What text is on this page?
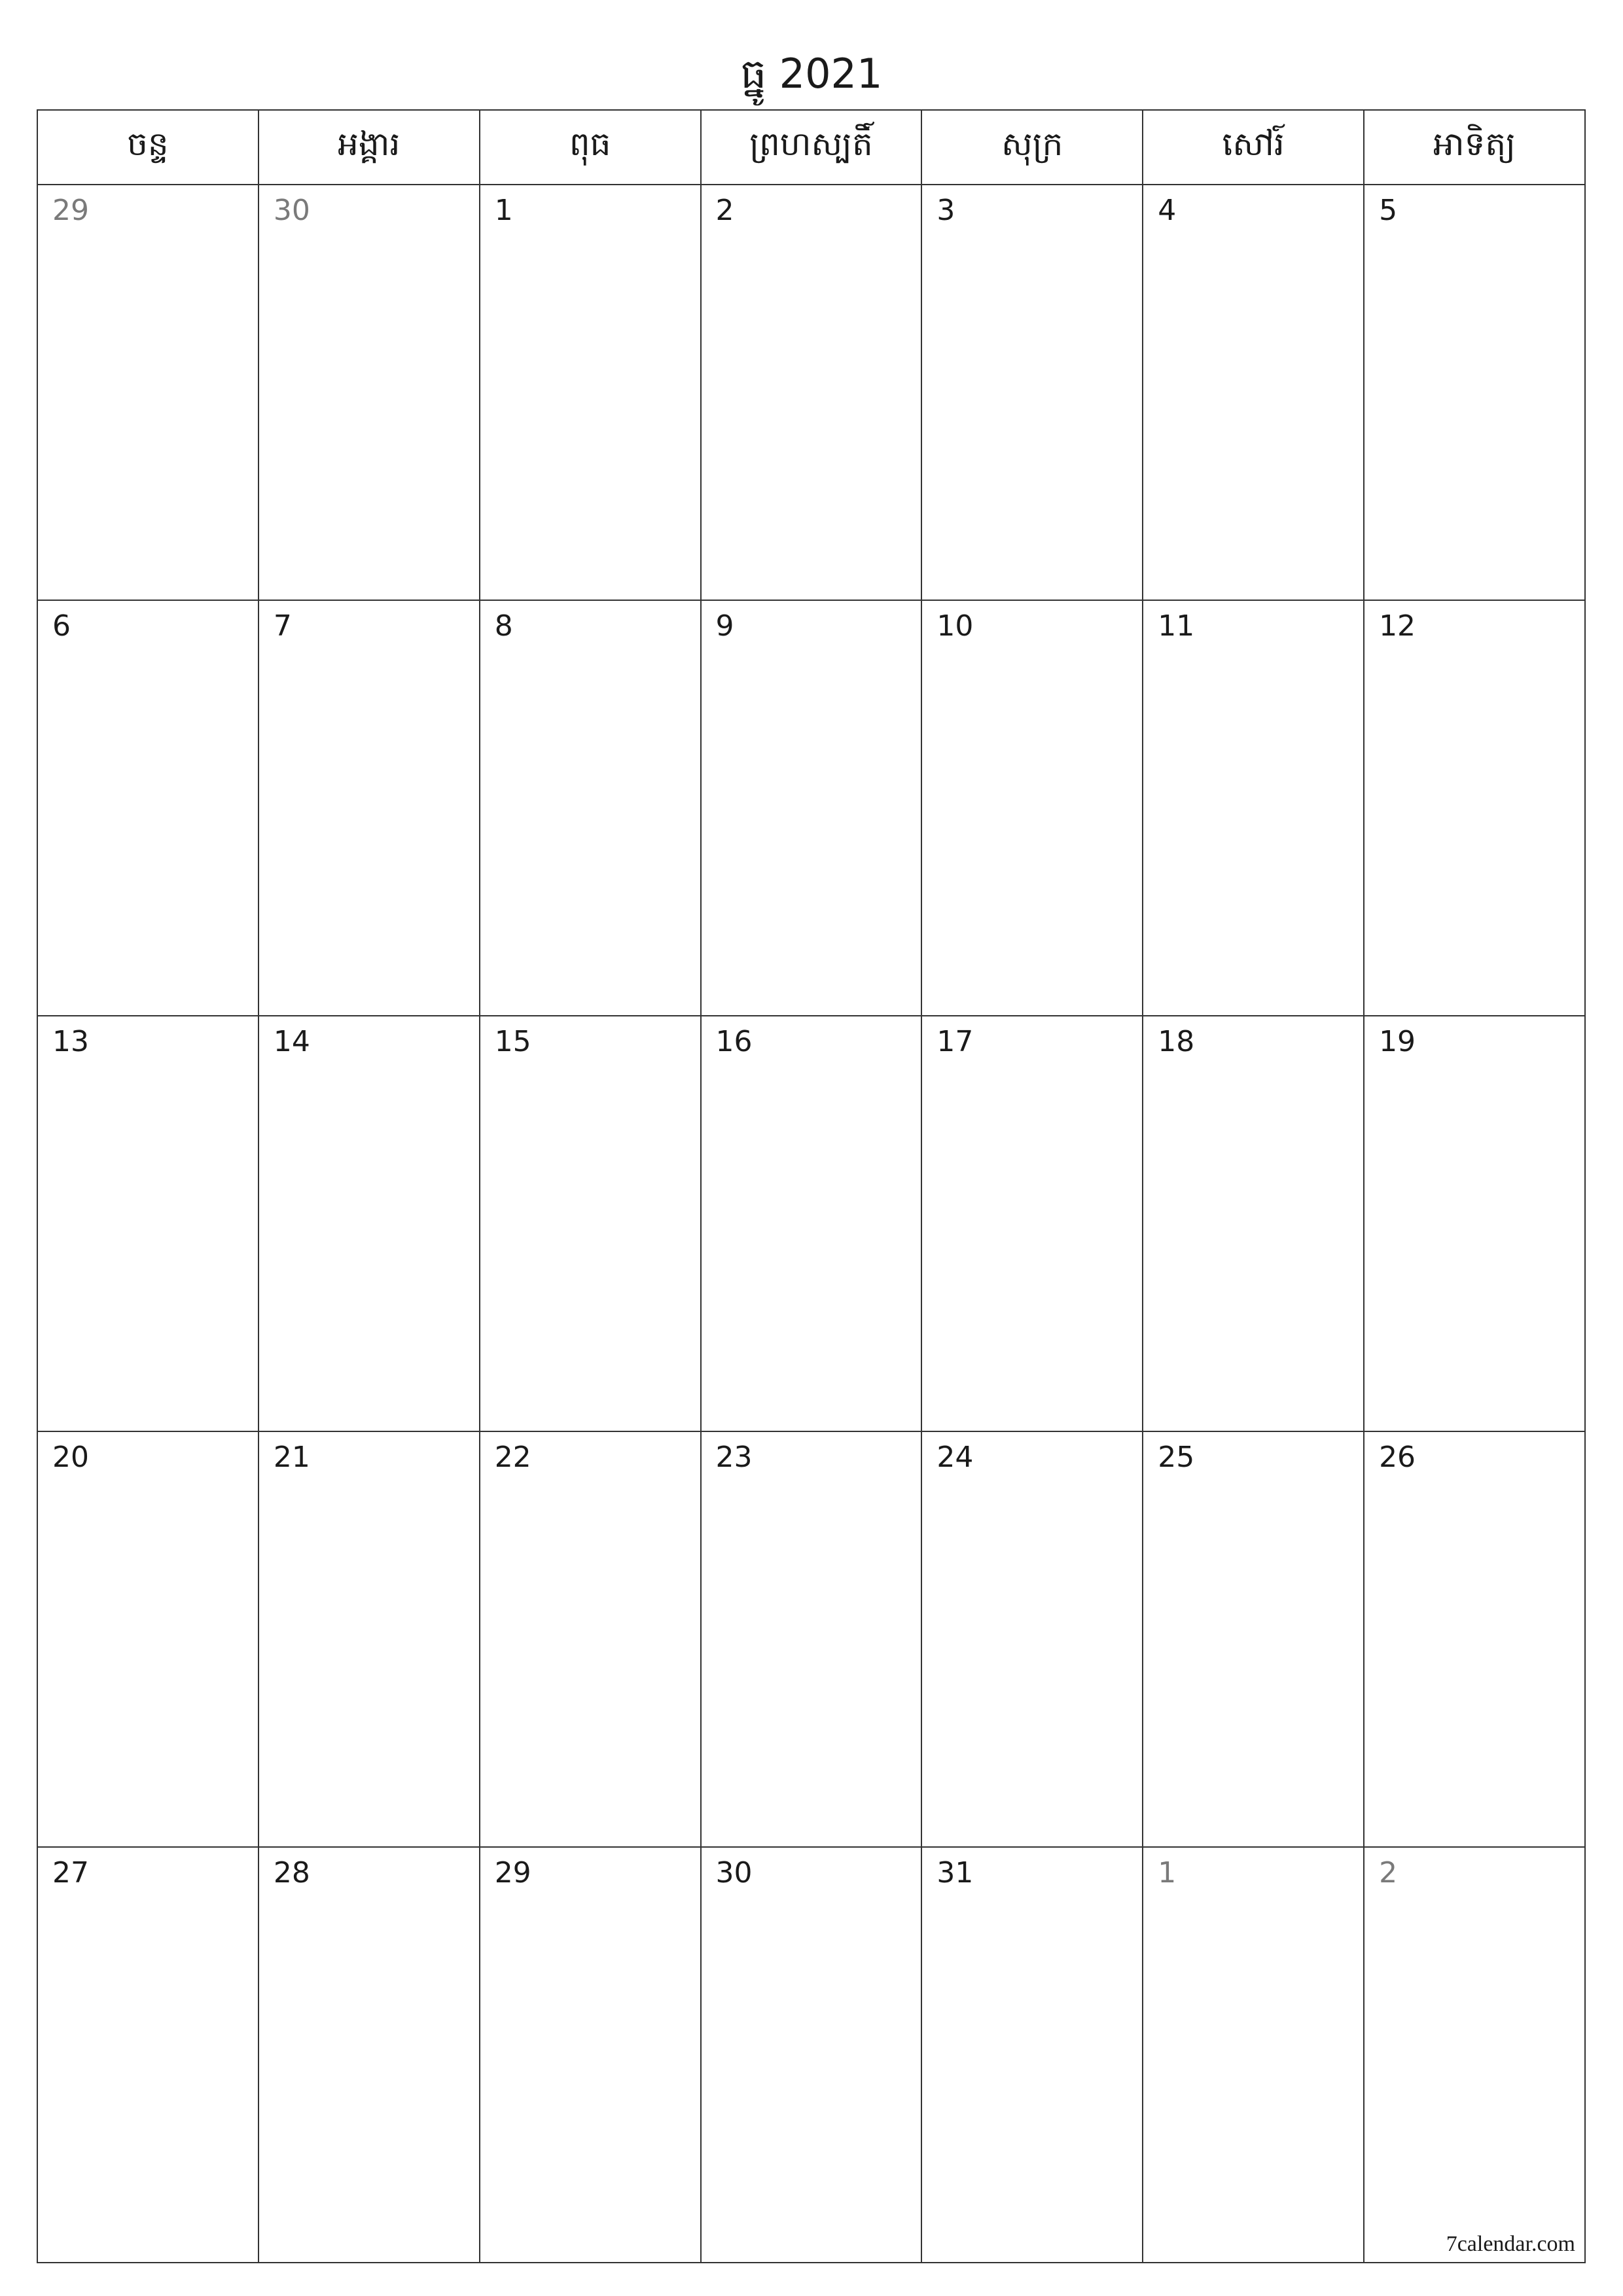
ធ្នូ 2021
ចន្ទ	អង្គារ	ពុធ	ព្រហស្បតិ៍	សុក្រ	សៅរ៍	អាទិត្យ

29	30	1	2	3	4	5

6	7	8	9	10	11	12

13	14	15	16	17	18	19

20	21	22	23	24	25	26

27	28	29	30	31	1	2
7calendar.com
